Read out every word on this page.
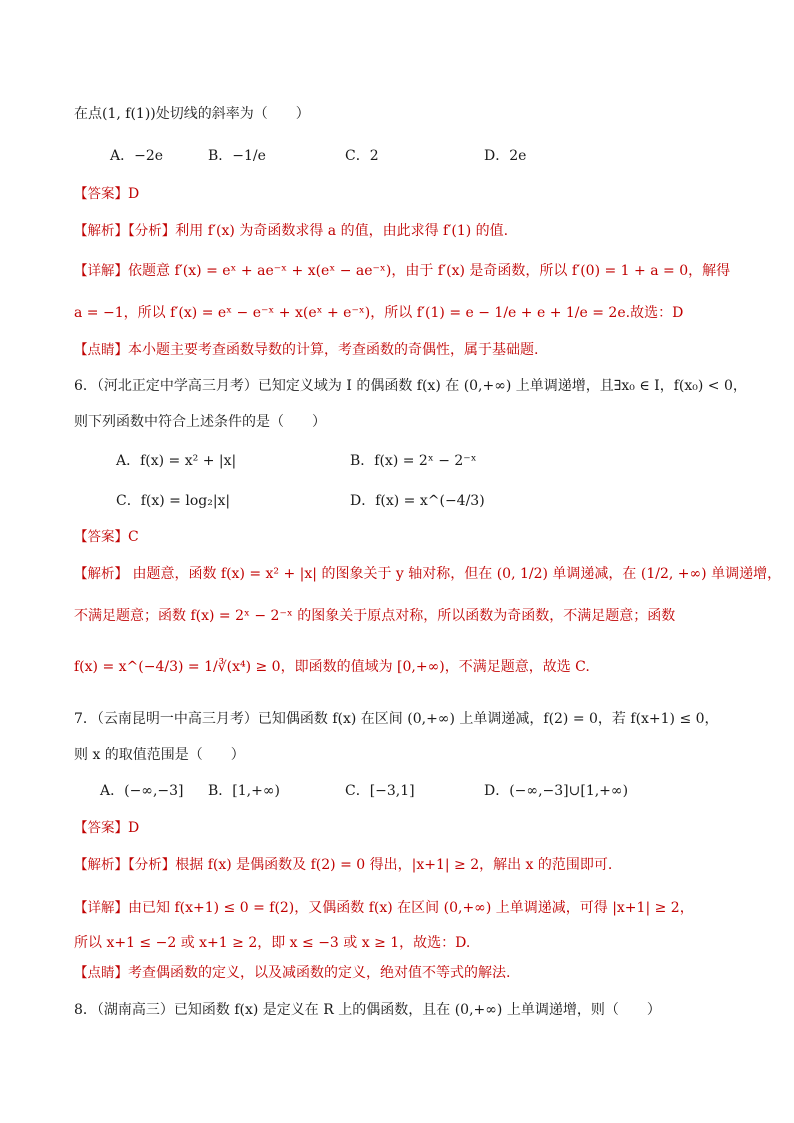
在点(1, f(1))处切线的斜率为（　　）
A．−2e	B．−1/e	C．2	D．2e
【答案】D
【解析】【分析】利用 f′(x) 为奇函数求得 a 的值，由此求得 f′(1) 的值.
【详解】依题意 f′(x) = eˣ + ae⁻ˣ + x(eˣ − ae⁻ˣ)，由于 f′(x) 是奇函数，所以 f′(0) = 1 + a = 0，解得
a = −1，所以 f′(x) = eˣ − e⁻ˣ + x(eˣ + e⁻ˣ)，所以 f′(1) = e − 1/e + e + 1/e = 2e.故选：D
【点睛】本小题主要考查函数导数的计算，考查函数的奇偶性，属于基础题.
6．（河北正定中学高三月考）已知定义域为 I 的偶函数 f(x) 在 (0,+∞) 上单调递增，且∃x₀ ∈ I，f(x₀) < 0，
则下列函数中符合上述条件的是（　　）
A．f(x) = x² + |x|	B．f(x) = 2ˣ − 2⁻ˣ
C．f(x) = log₂|x|	D．f(x) = x^(−4/3)
【答案】C
【解析】 由题意，函数 f(x) = x² + |x| 的图象关于 y 轴对称，但在 (0, 1/2) 单调递减，在 (1/2, +∞) 单调递增，
不满足题意；函数 f(x) = 2ˣ − 2⁻ˣ 的图象关于原点对称，所以函数为奇函数，不满足题意；函数
f(x) = x^(−4/3) = 1/∛(x⁴) ≥ 0，即函数的值域为 [0,+∞)，不满足题意，故选 C.
7．（云南昆明一中高三月考）已知偶函数 f(x) 在区间 (0,+∞) 上单调递减，f(2) = 0，若 f(x+1) ≤ 0，
则 x 的取值范围是（　　）
A．(−∞,−3] B．[1,+∞)	C．[−3,1]	D．(−∞,−3]∪[1,+∞)
【答案】D
【解析】【分析】根据 f(x) 是偶函数及 f(2) = 0 得出，|x+1| ≥ 2，解出 x 的范围即可.
【详解】由已知 f(x+1) ≤ 0 = f(2)，又偶函数 f(x) 在区间 (0,+∞) 上单调递减，可得 |x+1| ≥ 2，
所以 x+1 ≤ −2 或 x+1 ≥ 2，即 x ≤ −3 或 x ≥ 1，故选：D.
【点睛】考查偶函数的定义，以及减函数的定义，绝对值不等式的解法.
8．（湖南高三）已知函数 f(x) 是定义在 R 上的偶函数，且在 (0,+∞) 上单调递增，则（　　）
